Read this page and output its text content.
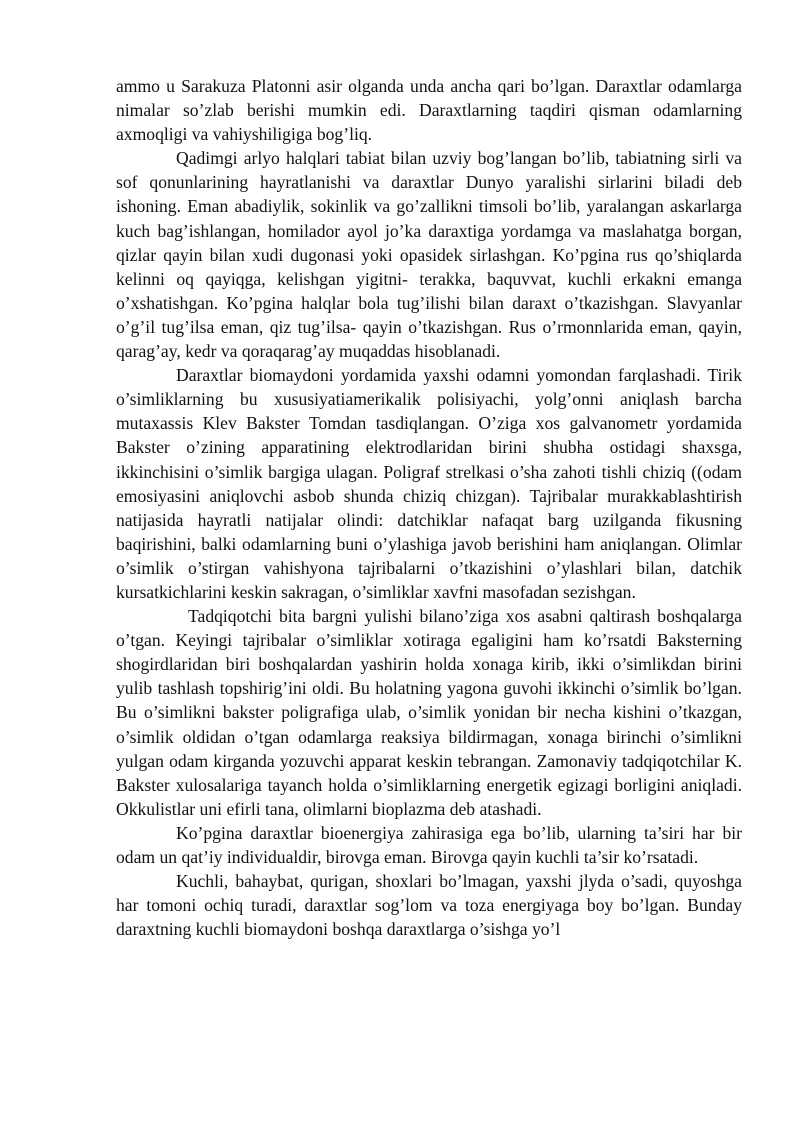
ammo u Sarakuza Platonni asir olganda unda ancha qari bo’lgan. Daraxtlar odamlarga nimalar so’zlab berishi mumkin edi. Daraxtlarning taqdiri qisman odamlarning axmoqligi va vahiyshiligiga bog’liq.

Qadimgi arlyo halqlari tabiat bilan uzviy bog’langan bo’lib, tabiatning sirli va sof qonunlarining hayratlanishi va daraxtlar Dunyo yaralishi sirlarini biladi deb ishoning. Eman abadiylik, sokinlik va go’zallikni timsoli bo’lib, yaralangan askarlarga kuch bag’ishlangan, homilador ayol jo’ka daraxtiga yordamga va maslahatga borgan, qizlar qayin bilan xudi dugonasi yoki opasidek sirlashgan. Ko’pgina rus qo’shiqlarda kelinni oq qayiqga, kelishgan yigitni- terakka, baquvvat, kuchli erkakni emanga o’xshatishgan. Ko’pgina halqlar bola tug’ilishi bilan daraxt o’tkazishgan. Slavyanlar o’g’il tug’ilsa eman, qiz tug’ilsa- qayin o’tkazishgan. Rus o’rmonnlarida eman, qayin, qarag’ay, kedr va qoraqarag’ay muqaddas hisoblanadi.

Daraxtlar biomaydoni yordamida yaxshi odamni yomondan farqlashadi. Tirik o’simliklarning bu xususiyatiamerikalik polisiyachi, yolg’onni aniqlash barcha mutaxassis Klev Bakster Tomdan tasdiqlangan. O’ziga xos galvanometr yordamida Bakster o’zining apparatining elektrodlaridan birini shubha ostidagi shaxsga, ikkinchisini o’simlik bargiga ulagan. Poligraf strelkasi o’sha zahoti tishli chiziq ((odam emosiyasini aniqlovchi asbob shunda chiziq chizgan). Tajribalar murakkablashtirish natijasida hayratli natijalar olindi: datchiklar nafaqat barg uzilganda fikusning baqirishini, balki odamlarning buni o’ylashiga javob berishini ham aniqlangan. Olimlar o’simlik o’stirgan vahishyona tajribalarni o’tkazishini o’ylashlari bilan, datchik kursatkichlarini keskin sakragan, o’simliklar xavfni masofadan sezishgan.

Tadqiqotchi bita bargni yulishi bilano’ziga xos asabni qaltirash boshqalarga o’tgan. Keyingi tajribalar o’simliklar xotiraga egaligini ham ko’rsatdi Baksterning shogirdlaridan biri boshqalardan yashirin holda xonaga kirib, ikki o’simlikdan birini yulib tashlash topshirig’ini oldi. Bu holatning yagona guvohi ikkinchi o’simlik bo’lgan. Bu o’simlikni bakster poligrafiga ulab, o’simlik yonidan bir necha kishini o’tkazgan, o’simlik oldidan o’tgan odamlarga reaksiya bildirmagan, xonaga birinchi o’simlikni yulgan odam kirganda yozuvchi apparat keskin tebrangan. Zamonaviy tadqiqotchilar K. Bakster xulosalariga tayanch holda o’simliklarning energetik egizagi borligini aniqladi. Okkulistlar uni efirli tana, olimlarni bioplazma deb atashadi.

Ko’pgina daraxtlar bioenergiya zahirasiga ega bo’lib, ularning ta’siri har bir odam un qat’iy individualdir, birovga eman. Birovga qayin kuchli ta’sir ko’rsatadi.

Kuchli, bahaybat, qurigan, shoxlari bo’lmagan, yaxshi jlyda o’sadi, quyoshga har tomoni ochiq turadi, daraxtlar sog’lom va toza energiyaga boy bo’lgan. Bunday daraxtning kuchli biomaydoni boshqa daraxtlarga o’sishga yo’l
